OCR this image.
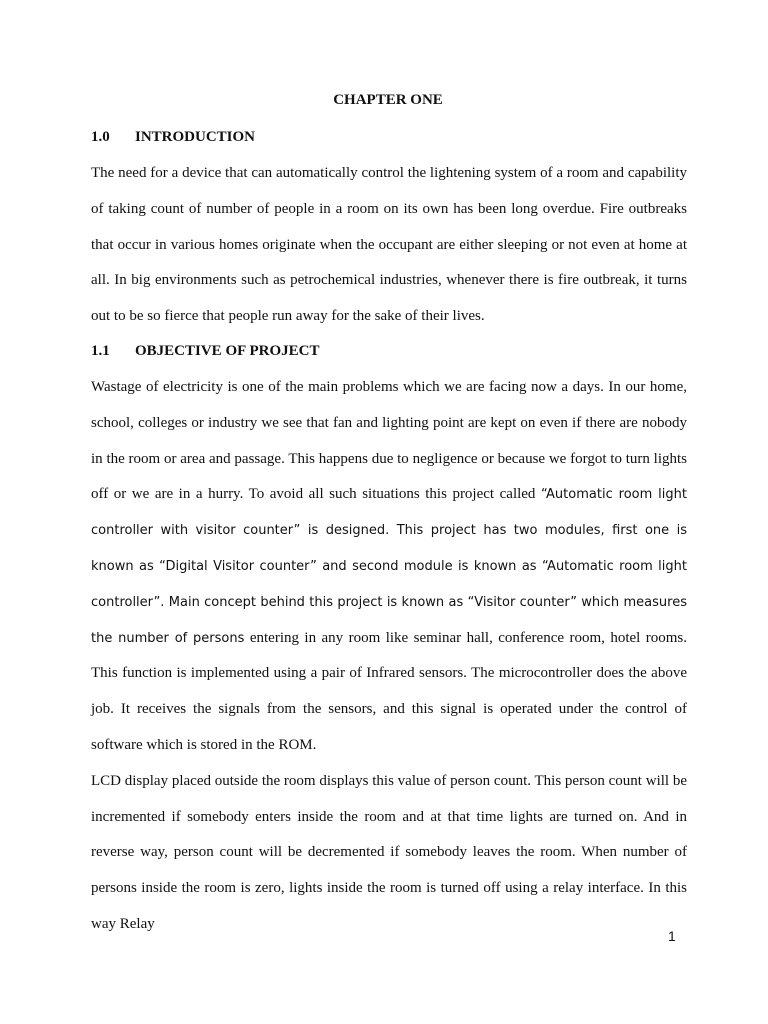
CHAPTER ONE
1.0 INTRODUCTION

The need for a device that can automatically control the lightening system of a room and capability of taking count of number of people in a room on its own has been long overdue. Fire outbreaks that occur in various homes originate when the occupant are either sleeping or not even at home at all. In big environments such as petrochemical industries, whenever there is fire outbreak, it turns out to be so fierce that people run away for the sake of their lives.

1.1 OBJECTIVE OF PROJECT

Wastage of electricity is one of the main problems which we are facing now a days. In our home, school, colleges or industry we see that fan and lighting point are kept on even if there are nobody in the room or area and passage. This happens due to negligence or because we forgot to turn lights off or we are in a hurry. To avoid all such situations this project called “Automatic room light controller with visitor counter” is designed. This project has two modules, first one is known as “Digital Visitor counter” and second module is known as “Automatic room light controller”. Main concept behind this project is known as “Visitor counter” which measures the number of persons entering in any room like seminar hall, conference room, hotel rooms. This function is implemented using a pair of Infrared sensors. The microcontroller does the above job. It receives the signals from the sensors, and this signal is operated under the control of software which is stored in the ROM.

LCD display placed outside the room displays this value of person count. This person count will be incremented if somebody enters inside the room and at that time lights are turned on. And in reverse way, person count will be decremented if somebody leaves the room. When number of persons inside the room is zero, lights inside the room is turned off using a relay interface. In this way Relay

1
